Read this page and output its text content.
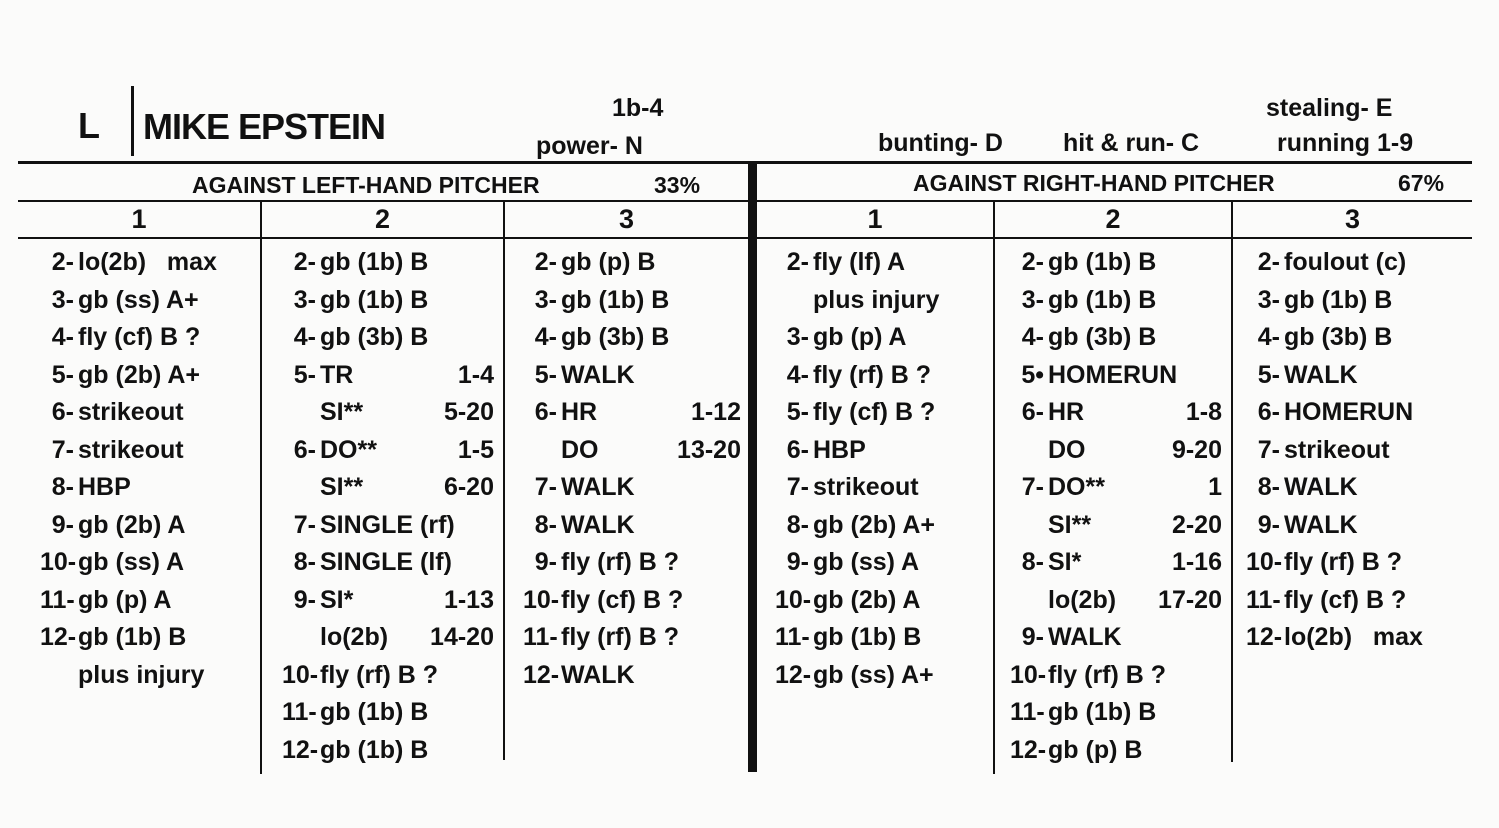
L MIKE EPSTEIN	1b-4
power- N	bunting- D hit & run- C
stealing- E
running 1-9
AGAINST LEFT-HAND PITCHER	33%	AGAINST RIGHT-HAND PITCHER	67%
1	2	3	1	2	3
2- lo(2b)   max
3- gb (ss) A+
4- fly (cf) B ?
5- gb (2b) A+
6- strikeout
7- strikeout
8- HBP
9- gb (2b) A
10- gb (ss) A
11- gb (p) A
12- gb (1b) B
plus injury
2- gb (1b) B
3- gb (1b) B
4- gb (3b) B
5- TR	1-4
SI**	5-20
6- DO**	1-5
SI**	6-20
7- SINGLE (rf)
8- SINGLE (lf)
9- SI*	1-13
lo(2b)	14-20
10- fly (rf) B ?
11- gb (1b) B
12- gb (1b) B
2- gb (p) B
3- gb (1b) B
4- gb (3b) B
5- WALK
6- HR	1-12
DO	13-20
7- WALK
8- WALK
9- fly (rf) B ?
10- fly (cf) B ?
11- fly (rf) B ?
12- WALK
2- fly (lf) A
plus injury
3- gb (p) A
4- fly (rf) B ?
5- fly (cf) B ?
6- HBP
7- strikeout
8- gb (2b) A+
9- gb (ss) A
10- gb (2b) A
11- gb (1b) B
12- gb (ss) A+
2- gb (1b) B
3- gb (1b) B
4- gb (3b) B
5• HOMERUN
6- HR	1-8
DO	9-20
7- DO**	1
SI**	2-20
8- SI*	1-16
lo(2b)	17-20
9- WALK
10- fly (rf) B ?
11- gb (1b) B
12- gb (p) B
2- foulout (c)
3- gb (1b) B
4- gb (3b) B
5- WALK
6- HOMERUN
7- strikeout
8- WALK
9- WALK
10- fly (rf) B ?
11- fly (cf) B ?
12- lo(2b)   max
